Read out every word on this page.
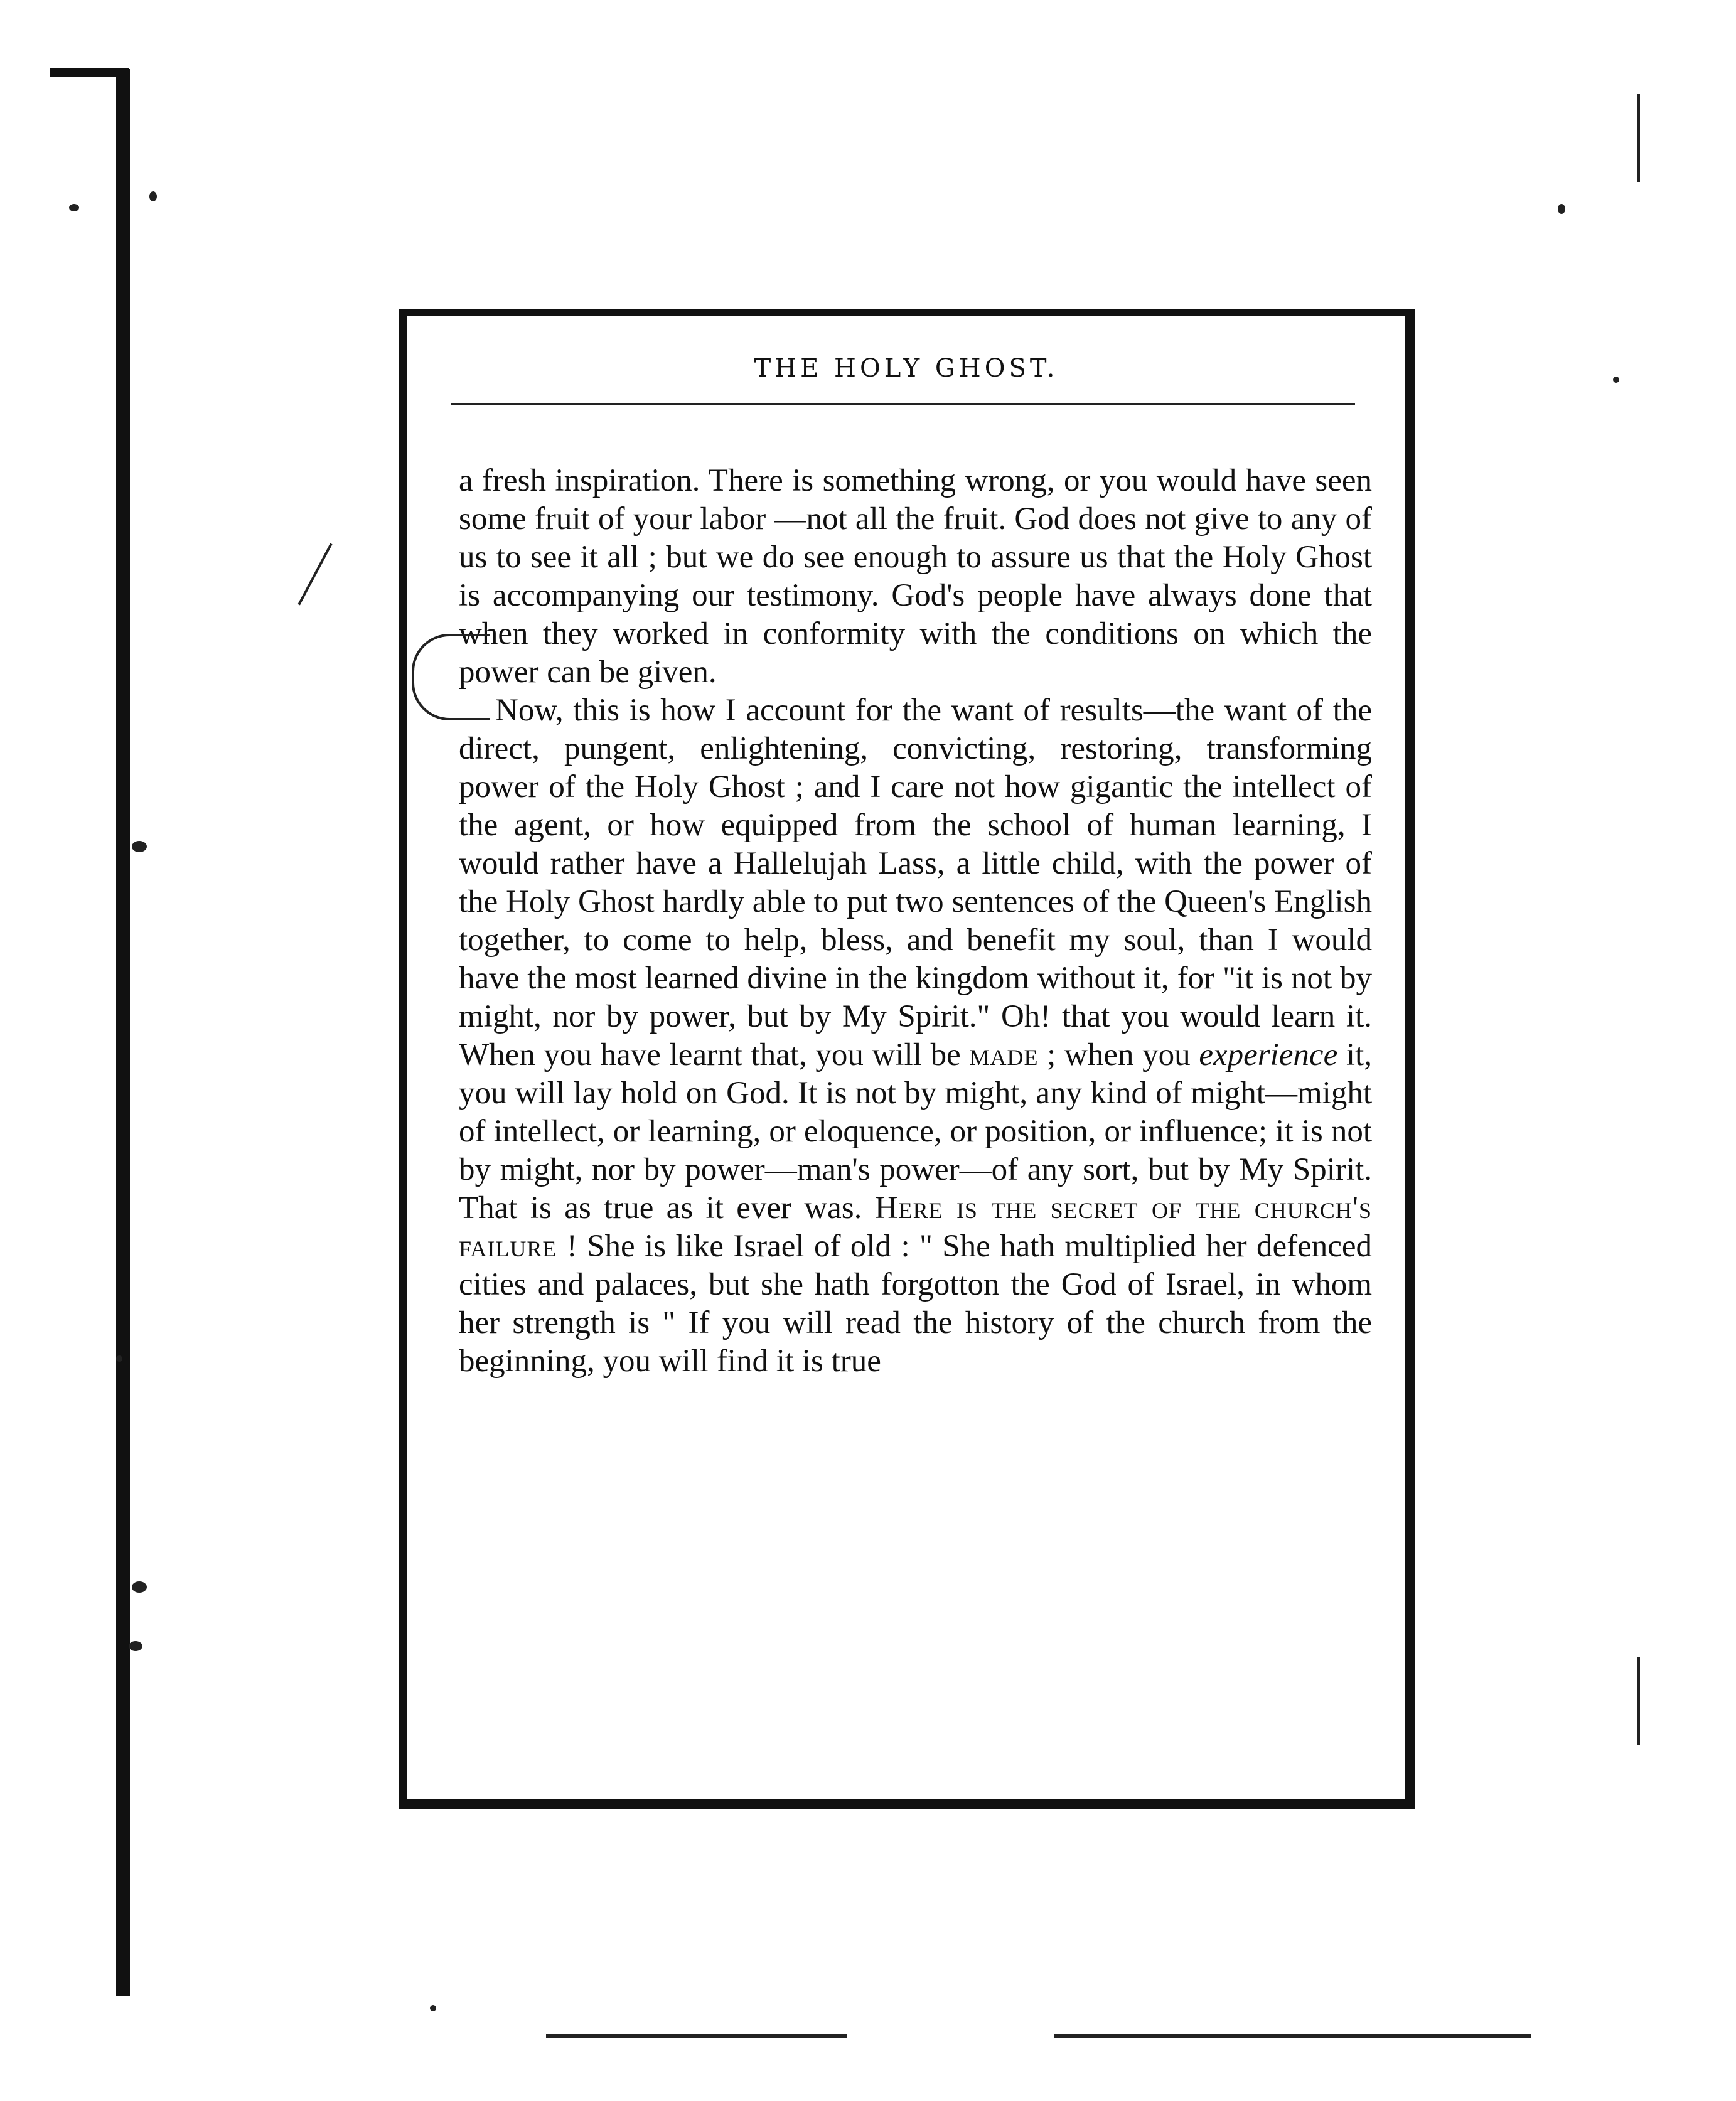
THE HOLY GHOST.

a fresh inspiration. There is something wrong, or you would have seen some fruit of your labor —not all the fruit. God does not give to any of us to see it all ; but we do see enough to assure us that the Holy Ghost is accompanying our testimony. God's people have always done that when they worked in conformity with the conditions on which the power can be given.

Now, this is how I account for the want of results—the want of the direct, pungent, enlightening, convicting, restoring, transforming power of the Holy Ghost ; and I care not how gigantic the intellect of the agent, or how equipped from the school of human learning, I would rather have a Hallelujah Lass, a little child, with the power of the Holy Ghost hardly able to put two sentences of the Queen's English together, to come to help, bless, and benefit my soul, than I would have the most learned divine in the kingdom without it, for "it is not by might, nor by power, but by My Spirit." Oh! that you would learn it. When you have learnt that, you will be made ; when you experience it, you will lay hold on God. It is not by might, any kind of might—might of intellect, or learning, or eloquence, or position, or influence; it is not by might, nor by power—man's power—of any sort, but by My Spirit. That is as true as it ever was. Here is the secret of the church's failure ! She is like Israel of old : " She hath multiplied her defenced cities and palaces, but she hath forgotton the God of Israel, in whom her strength is " If you will read the history of the church from the beginning, you will find it is true
